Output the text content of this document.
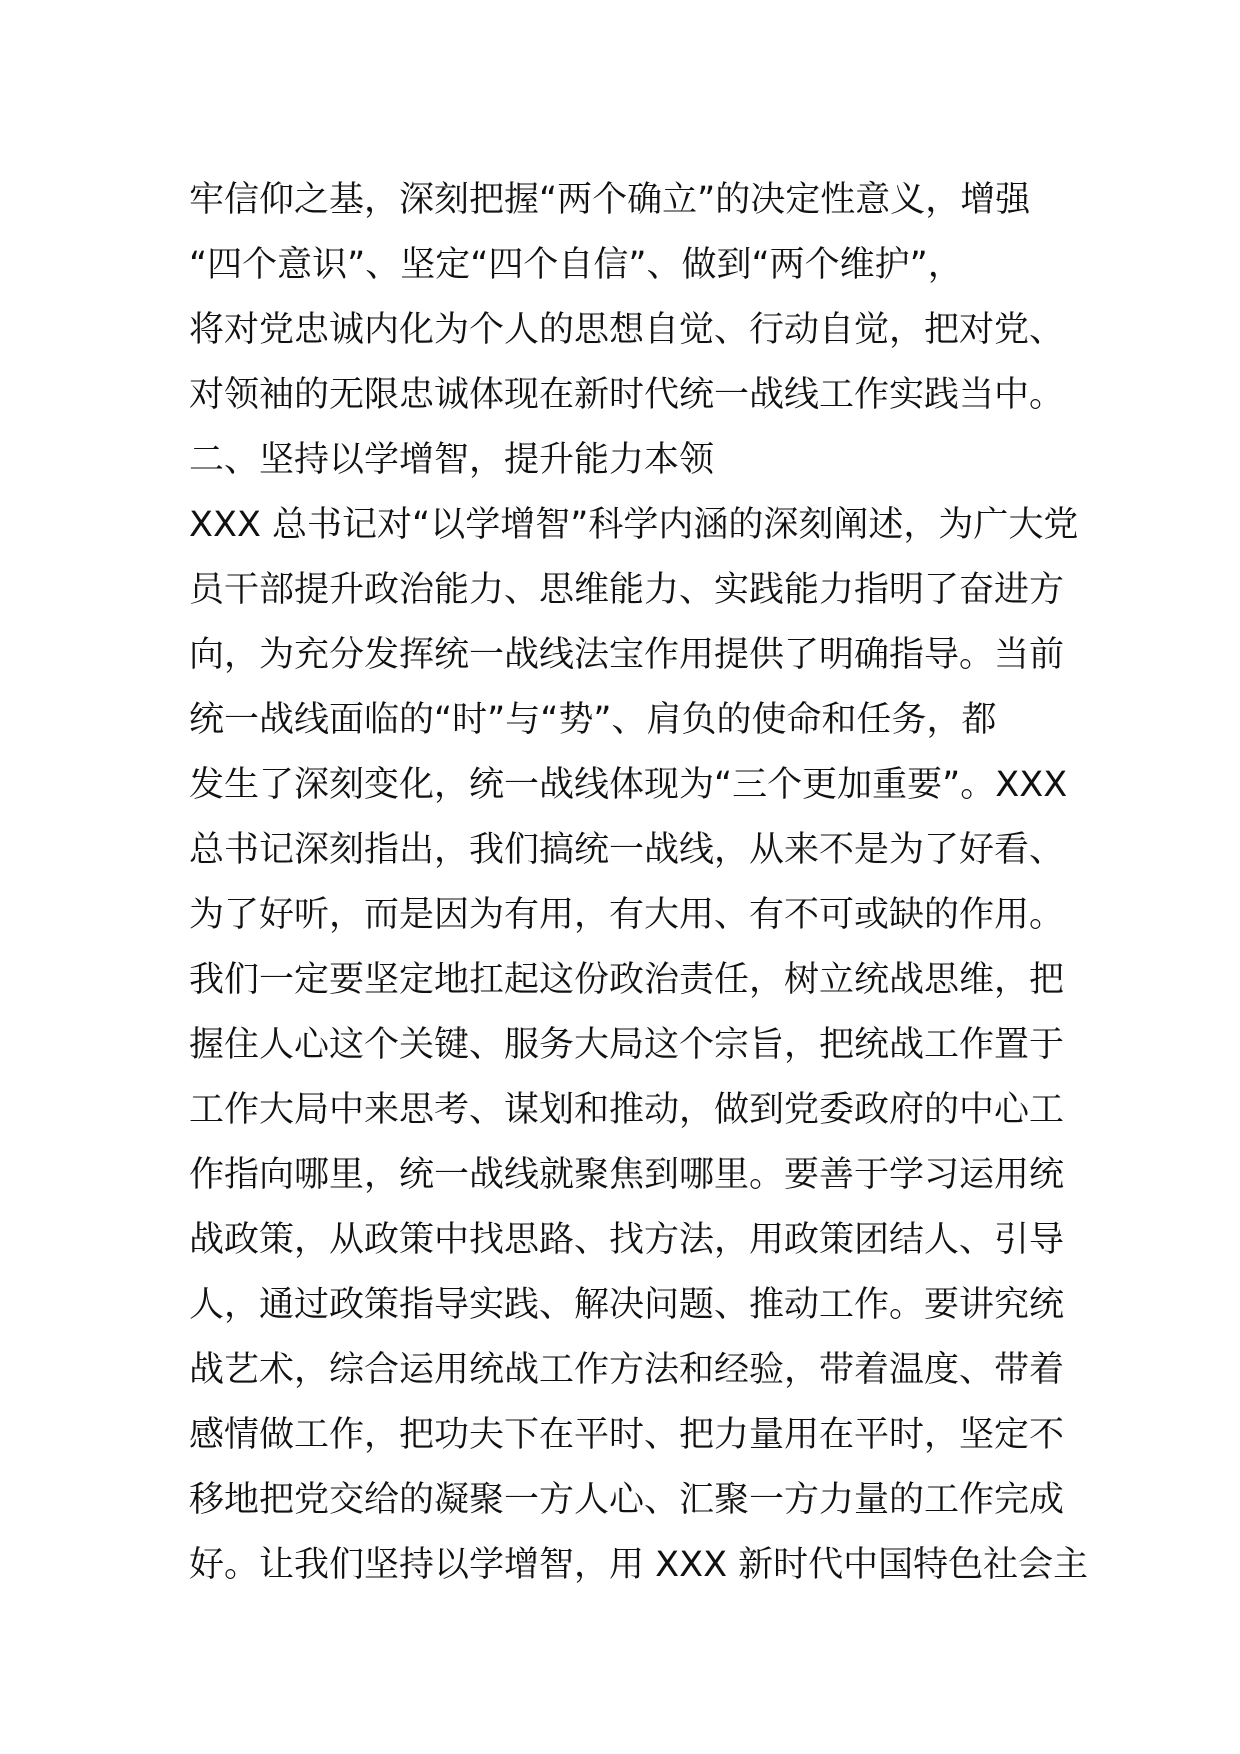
牢信仰之基，深刻把握“两个确立”的决定性意义，增强
“四个意识”、坚定“四个自信”、做到“两个维护”，
将对党忠诚内化为个人的思想自觉、行动自觉，把对党、
对领袖的无限忠诚体现在新时代统一战线工作实践当中。
二、坚持以学增智，提升能力本领
XXX 总书记对“以学增智”科学内涵的深刻阐述，为广大党
员干部提升政治能力、思维能力、实践能力指明了奋进方
向，为充分发挥统一战线法宝作用提供了明确指导。当前
统一战线面临的“时”与“势”、肩负的使命和任务，都
发生了深刻变化，统一战线体现为“三个更加重要”。XXX
总书记深刻指出，我们搞统一战线，从来不是为了好看、
为了好听，而是因为有用，有大用、有不可或缺的作用。
我们一定要坚定地扛起这份政治责任，树立统战思维，把
握住人心这个关键、服务大局这个宗旨，把统战工作置于
工作大局中来思考、谋划和推动，做到党委政府的中心工
作指向哪里，统一战线就聚焦到哪里。要善于学习运用统
战政策，从政策中找思路、找方法，用政策团结人、引导
人，通过政策指导实践、解决问题、推动工作。要讲究统
战艺术，综合运用统战工作方法和经验，带着温度、带着
感情做工作，把功夫下在平时、把力量用在平时，坚定不
移地把党交给的凝聚一方人心、汇聚一方力量的工作完成
好。让我们坚持以学增智，用 XXX 新时代中国特色社会主
